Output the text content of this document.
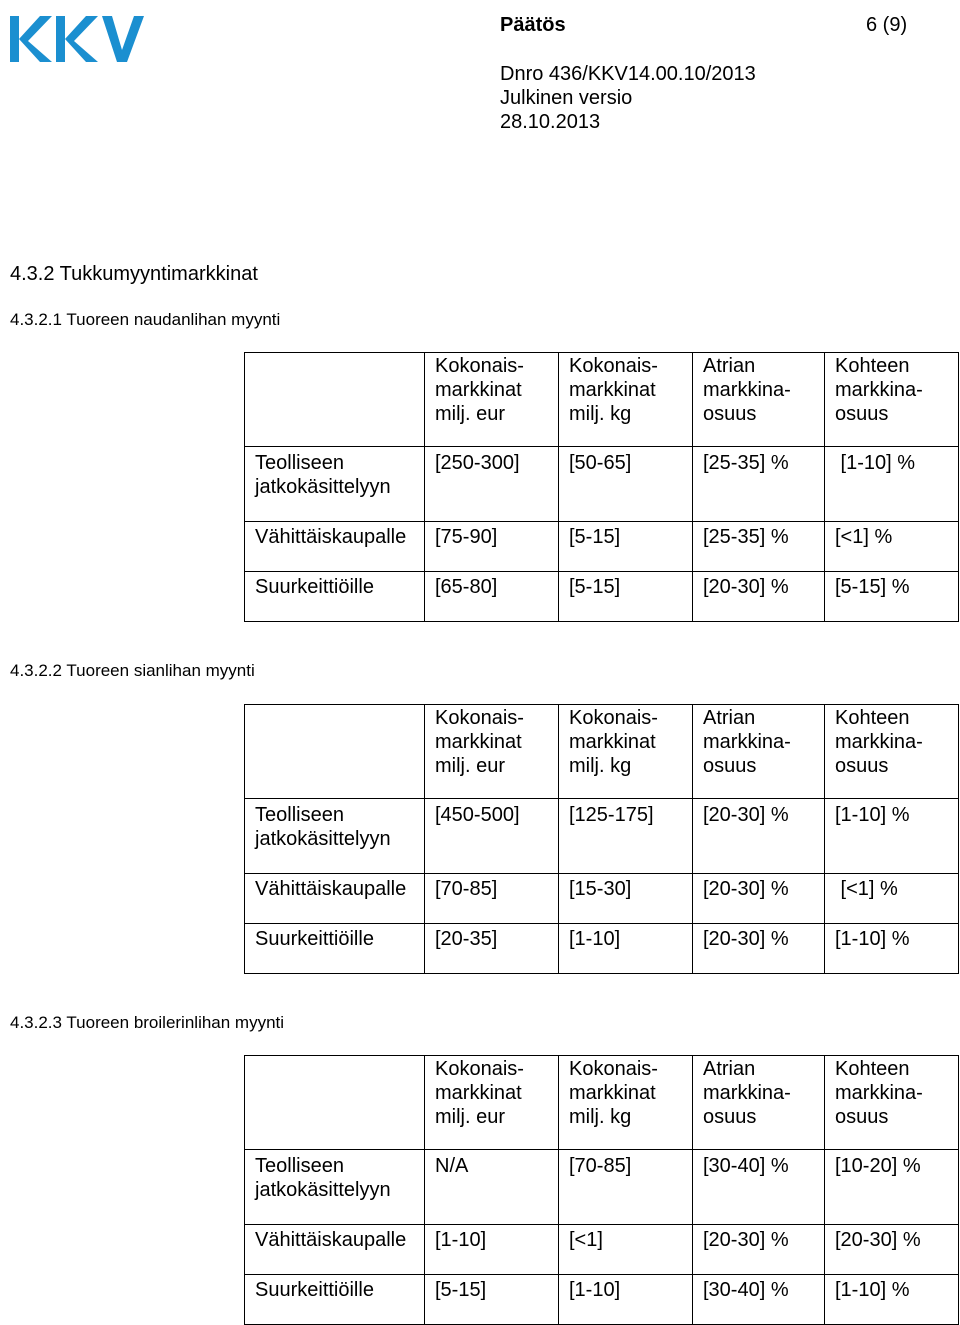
Päätös	6 (9)
Dnro 436/KKV14.00.10/2013
Julkinen versio
28.10.2013
4.3.2 Tukkumyyntimarkkinat
4.3.2.1 Tuoreen naudanlihan myynti

	Kokonais-
markkinat
milj. eur	Kokonais-
markkinat
milj. kg	Atrian
markkina-
osuus	Kohteen
markkina-
osuus

Teolliseen
jatkokäsittelyyn	[250-300]	[50-65]	[25-35] %	[1-10] %
Vähittäiskaupalle	[75-90]	[5-15]	[25-35] %	[<1] %
Suurkeittiöille	[65-80]	[5-15]	[20-30] %	[5-15] %
4.3.2.2 Tuoreen sianlihan myynti

	Kokonais-
markkinat
milj. eur	Kokonais-
markkinat
milj. kg	Atrian
markkina-
osuus	Kohteen
markkina-
osuus

Teolliseen
jatkokäsittelyyn	[450-500]	[125-175]	[20-30] %	[1-10] %
Vähittäiskaupalle	[70-85]	[15-30]	[20-30] %	[<1] %
Suurkeittiöille	[20-35]	[1-10]	[20-30] %	[1-10] %
4.3.2.3 Tuoreen broilerinlihan myynti

	Kokonais-
markkinat
milj. eur	Kokonais-
markkinat
milj. kg	Atrian
markkina-
osuus	Kohteen
markkina-
osuus

Teolliseen
jatkokäsittelyyn	N/A	[70-85]	[30-40] %	[10-20] %
Vähittäiskaupalle	[1-10]	[<1]	[20-30] %	[20-30] %
Suurkeittiöille	[5-15]	[1-10]	[30-40] %	[1-10] %
